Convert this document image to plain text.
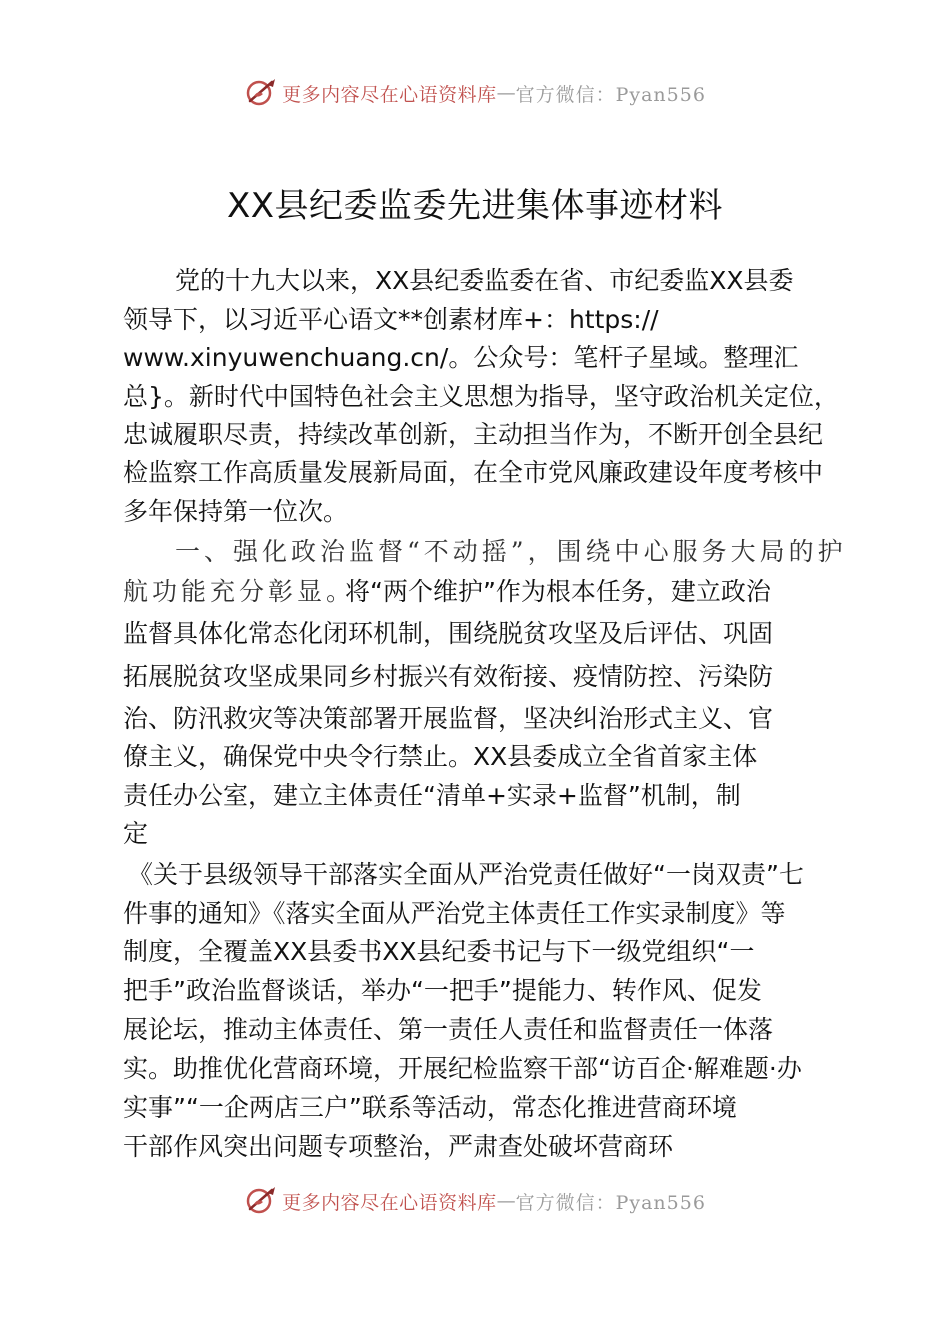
更多内容尽在心语资料库 — 官方微信：Pyan556
XX县纪委监委先进集体事迹材料
党的十九大以来，XX县纪委监委在省、市纪委监XX县委
领导下，以习近平心语文**创素材库+：https://
www.xinyuwenchuang.cn/。公众号：笔杆子星域。整理汇
总}。新时代中国特色社会主义思想为指导，坚守政治机关定位，
忠诚履职尽责，持续改革创新，主动担当作为，不断开创全县纪
检监察工作高质量发展新局面，在全市党风廉政建设年度考核中
多年保持第一位次。
一、强化政治监督“不动摇”，围绕中心服务大局的护
航功能充分彰显。
将“两个维护”作为根本任务，建立政治
监督具体化常态化闭环机制，围绕脱贫攻坚及后评估、巩固
拓展脱贫攻坚成果同乡村振兴有效衔接、疫情防控、污染防
治、防汛救灾等决策部署开展监督，坚决纠治形式主义、官
僚主义，确保党中央令行禁止。XX县委成立全省首家主体
责任办公室，建立主体责任“清单+实录+监督”机制，制
定
《关于县级领导干部落实全面从严治党责任做好“一岗双责”七
件事的通知》《落实全面从严治党主体责任工作实录制度》等
制度，全覆盖XX县委书XX县纪委书记与下一级党组织“一
把手”政治监督谈话，举办“一把手”提能力、转作风、促发
展论坛，推动主体责任、第一责任人责任和监督责任一体落
实。助推优化营商环境，开展纪检监察干部“访百企·解难题·办
实事”“一企两店三户”联系等活动，常态化推进营商环境
干部作风突出问题专项整治，严肃查处破坏营商环
更多内容尽在心语资料库 — 官方微信：Pyan556
